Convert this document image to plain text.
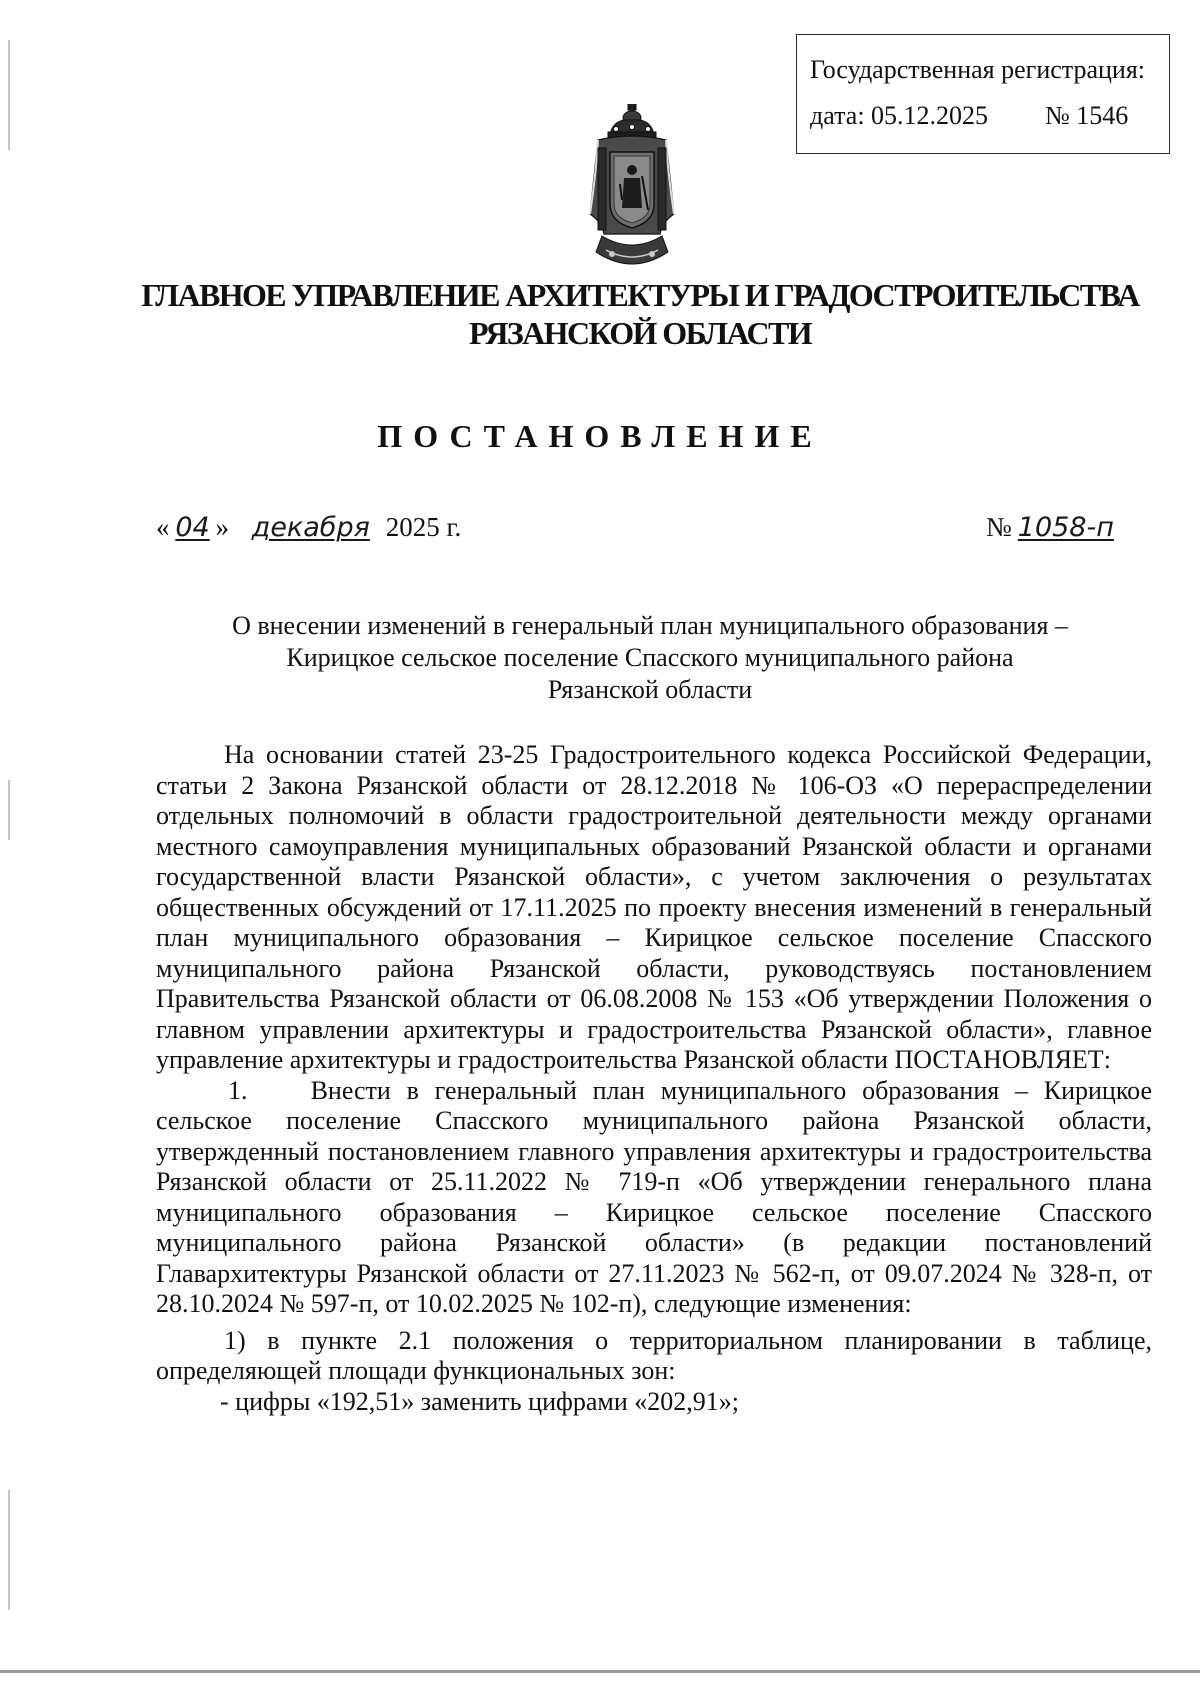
Государственная регистрация:
дата: 05.12.2025 № 1546
ГЛАВНОЕ УПРАВЛЕНИЕ АРХИТЕКТУРЫ И ГРАДОСТРОИТЕЛЬСТВА
РЯЗАНСКОЙ ОБЛАСТИ
ПОСТАНОВЛЕНИЕ
« 04 » декабря 2025 г.	№ 1058-п
О внесении изменений в генеральный план муниципального образования –
Кирицкое сельское поселение Спасского муниципального района
Рязанской области

На основании статей 23-25 Градостроительного кодекса Российской Федерации, статьи 2 Закона Рязанской области от 28.12.2018 № 106-ОЗ «О перераспределении отдельных полномочий в области градостроительной деятельности между органами местного самоуправления муниципальных образований Рязанской области и органами государственной власти Рязанской области», с учетом заключения о результатах общественных обсуждений от 17.11.2025 по проекту внесения изменений в генеральный план муниципального образования – Кирицкое сельское поселение Спасского муниципального района Рязанской области, руководствуясь постановлением Правительства Рязанской области от 06.08.2008 № 153 «Об утверждении Положения о главном управлении архитектуры и градостроительства Рязанской области», главное управление архитектуры и градостроительства Рязанской области ПОСТАНОВЛЯЕТ:

1.    Внести в генеральный план муниципального образования – Кирицкое сельское поселение Спасского муниципального района Рязанской области, утвержденный постановлением главного управления архитектуры и градостроительства Рязанской области от 25.11.2022 № 719-п «Об утверждении генерального плана муниципального образования – Кирицкое сельское поселение Спасского муниципального района Рязанской области» (в редакции постановлений Главархитектуры Рязанской области от 27.11.2023 № 562-п, от 09.07.2024 № 328-п, от 28.10.2024 № 597-п, от 10.02.2025 № 102-п), следующие изменения:

1) в пункте 2.1 положения о территориальном планировании в таблице, определяющей площади функциональных зон:

- цифры «192,51» заменить цифрами «202,91»;
